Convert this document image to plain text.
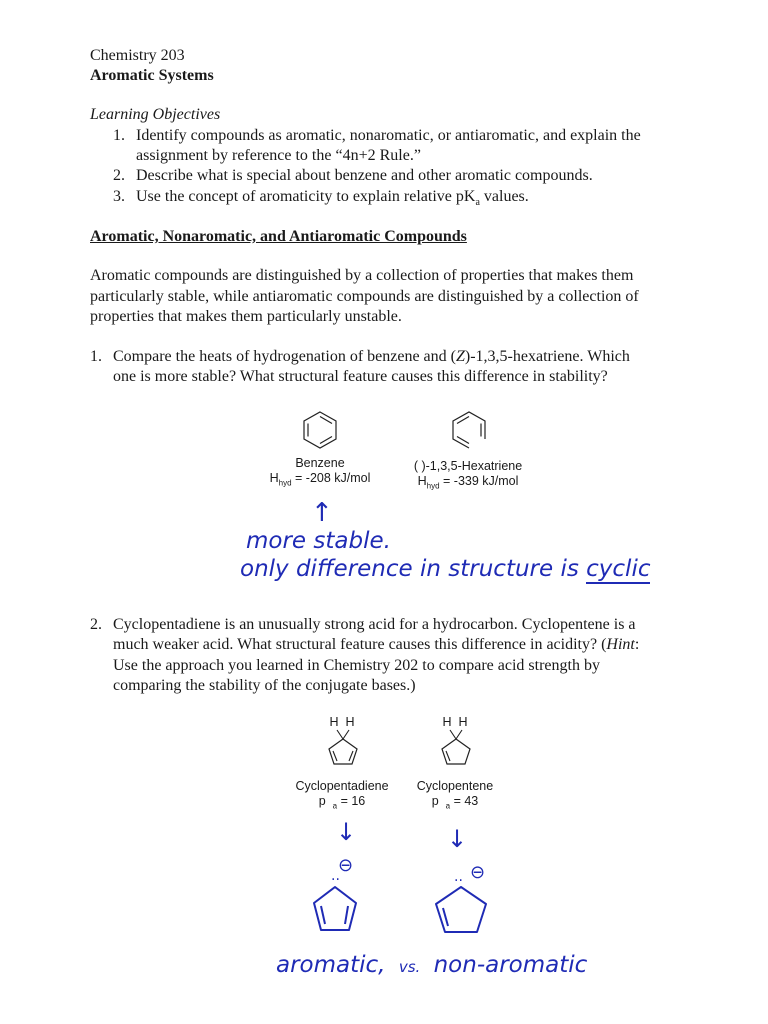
Chemistry 203
Aromatic Systems
Learning Objectives
1. Identify compounds as aromatic, nonaromatic, or antiaromatic, and explain the
assignment by reference to the “4n+2 Rule.”
2. Describe what is special about benzene and other aromatic compounds.
3. Use the concept of aromaticity to explain relative $pK_a$ values.
Aromatic, Nonaromatic, and Antiaromatic Compounds
Aromatic compounds are distinguished by a collection of properties that makes them
particularly stable, while antiaromatic compounds are distinguished by a collection of
properties that makes them particularly unstable.
1. Compare the heats of hydrogenation of benzene and (Z)-1,3,5-hexatriene. Which
one is more stable? What structural feature causes this difference in stability?
Benzene
$H_{hyd} = -208$ kJ/mol
( )-1,3,5-Hexatriene
$H_{hyd} = -339$ kJ/mol
↑
more stable.
only difference in structure is cyclic
2. Cyclopentadiene is an unusually strong acid for a hydrocarbon. Cyclopentene is a
much weaker acid. What structural feature causes this difference in acidity? (Hint:
Use the approach you learned in Chemistry 202 to compare acid strength by
comparing the stability of the conjugate bases.)
H  H	H  H
Cyclopentadiene
p $_a$ = 16
Cyclopentene
p $_a$ = 43
↓	↓
⊖
··	⊖
··
aromatic, vs. non-aromatic
